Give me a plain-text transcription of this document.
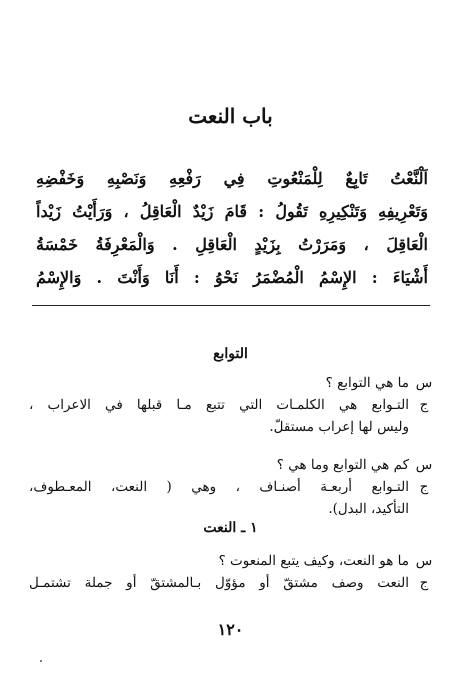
باب النعت
اَلْنَّعْتُ تَابِعٌ لِلْمَنْعُوتِ فِي رَفْعِهِ وَنَصْبِهِ وَخَفْضِهِ
وَتَعْرِيفِهِ وَتَنْكِيرِهِ تَقُولُ : قَامَ زَيْدٌ الْعَاقِلُ ، وَرَأَيْتُ زَيْداً
الْعَاقِلَ ، وَمَرَرْتُ بِزَيْدٍ الْعَاقِلِ . وَالْمَعْرِفَةُ خَمْسَةُ
أَشْيَاءَ : الإِسْمُ الْمُضْمَرُ نَحْوُ : أَنَا وَأَنْتَ . وَالإِسْمُ
التوابع
س
ما هي التوابع ؟
ج
التـوابع هي الكلمـات التي تتبع مـا قبلها في الاعراب ،
وليس لها إعراب مستقلّ.
س
كم هي التوابع وما هي ؟
ج
التـوابع أربعـة أصنـاف ، وهي ( النعت، المعـطوف،
التأكيد، البدل).
١ ـ النعت
س
ما هو النعت، وكيف يتبع المنعوت ؟
ج
النعت وصف مشتقّ أو مؤوّل بـالمشتقّ أو جملة تشتمـل
١٢٠
